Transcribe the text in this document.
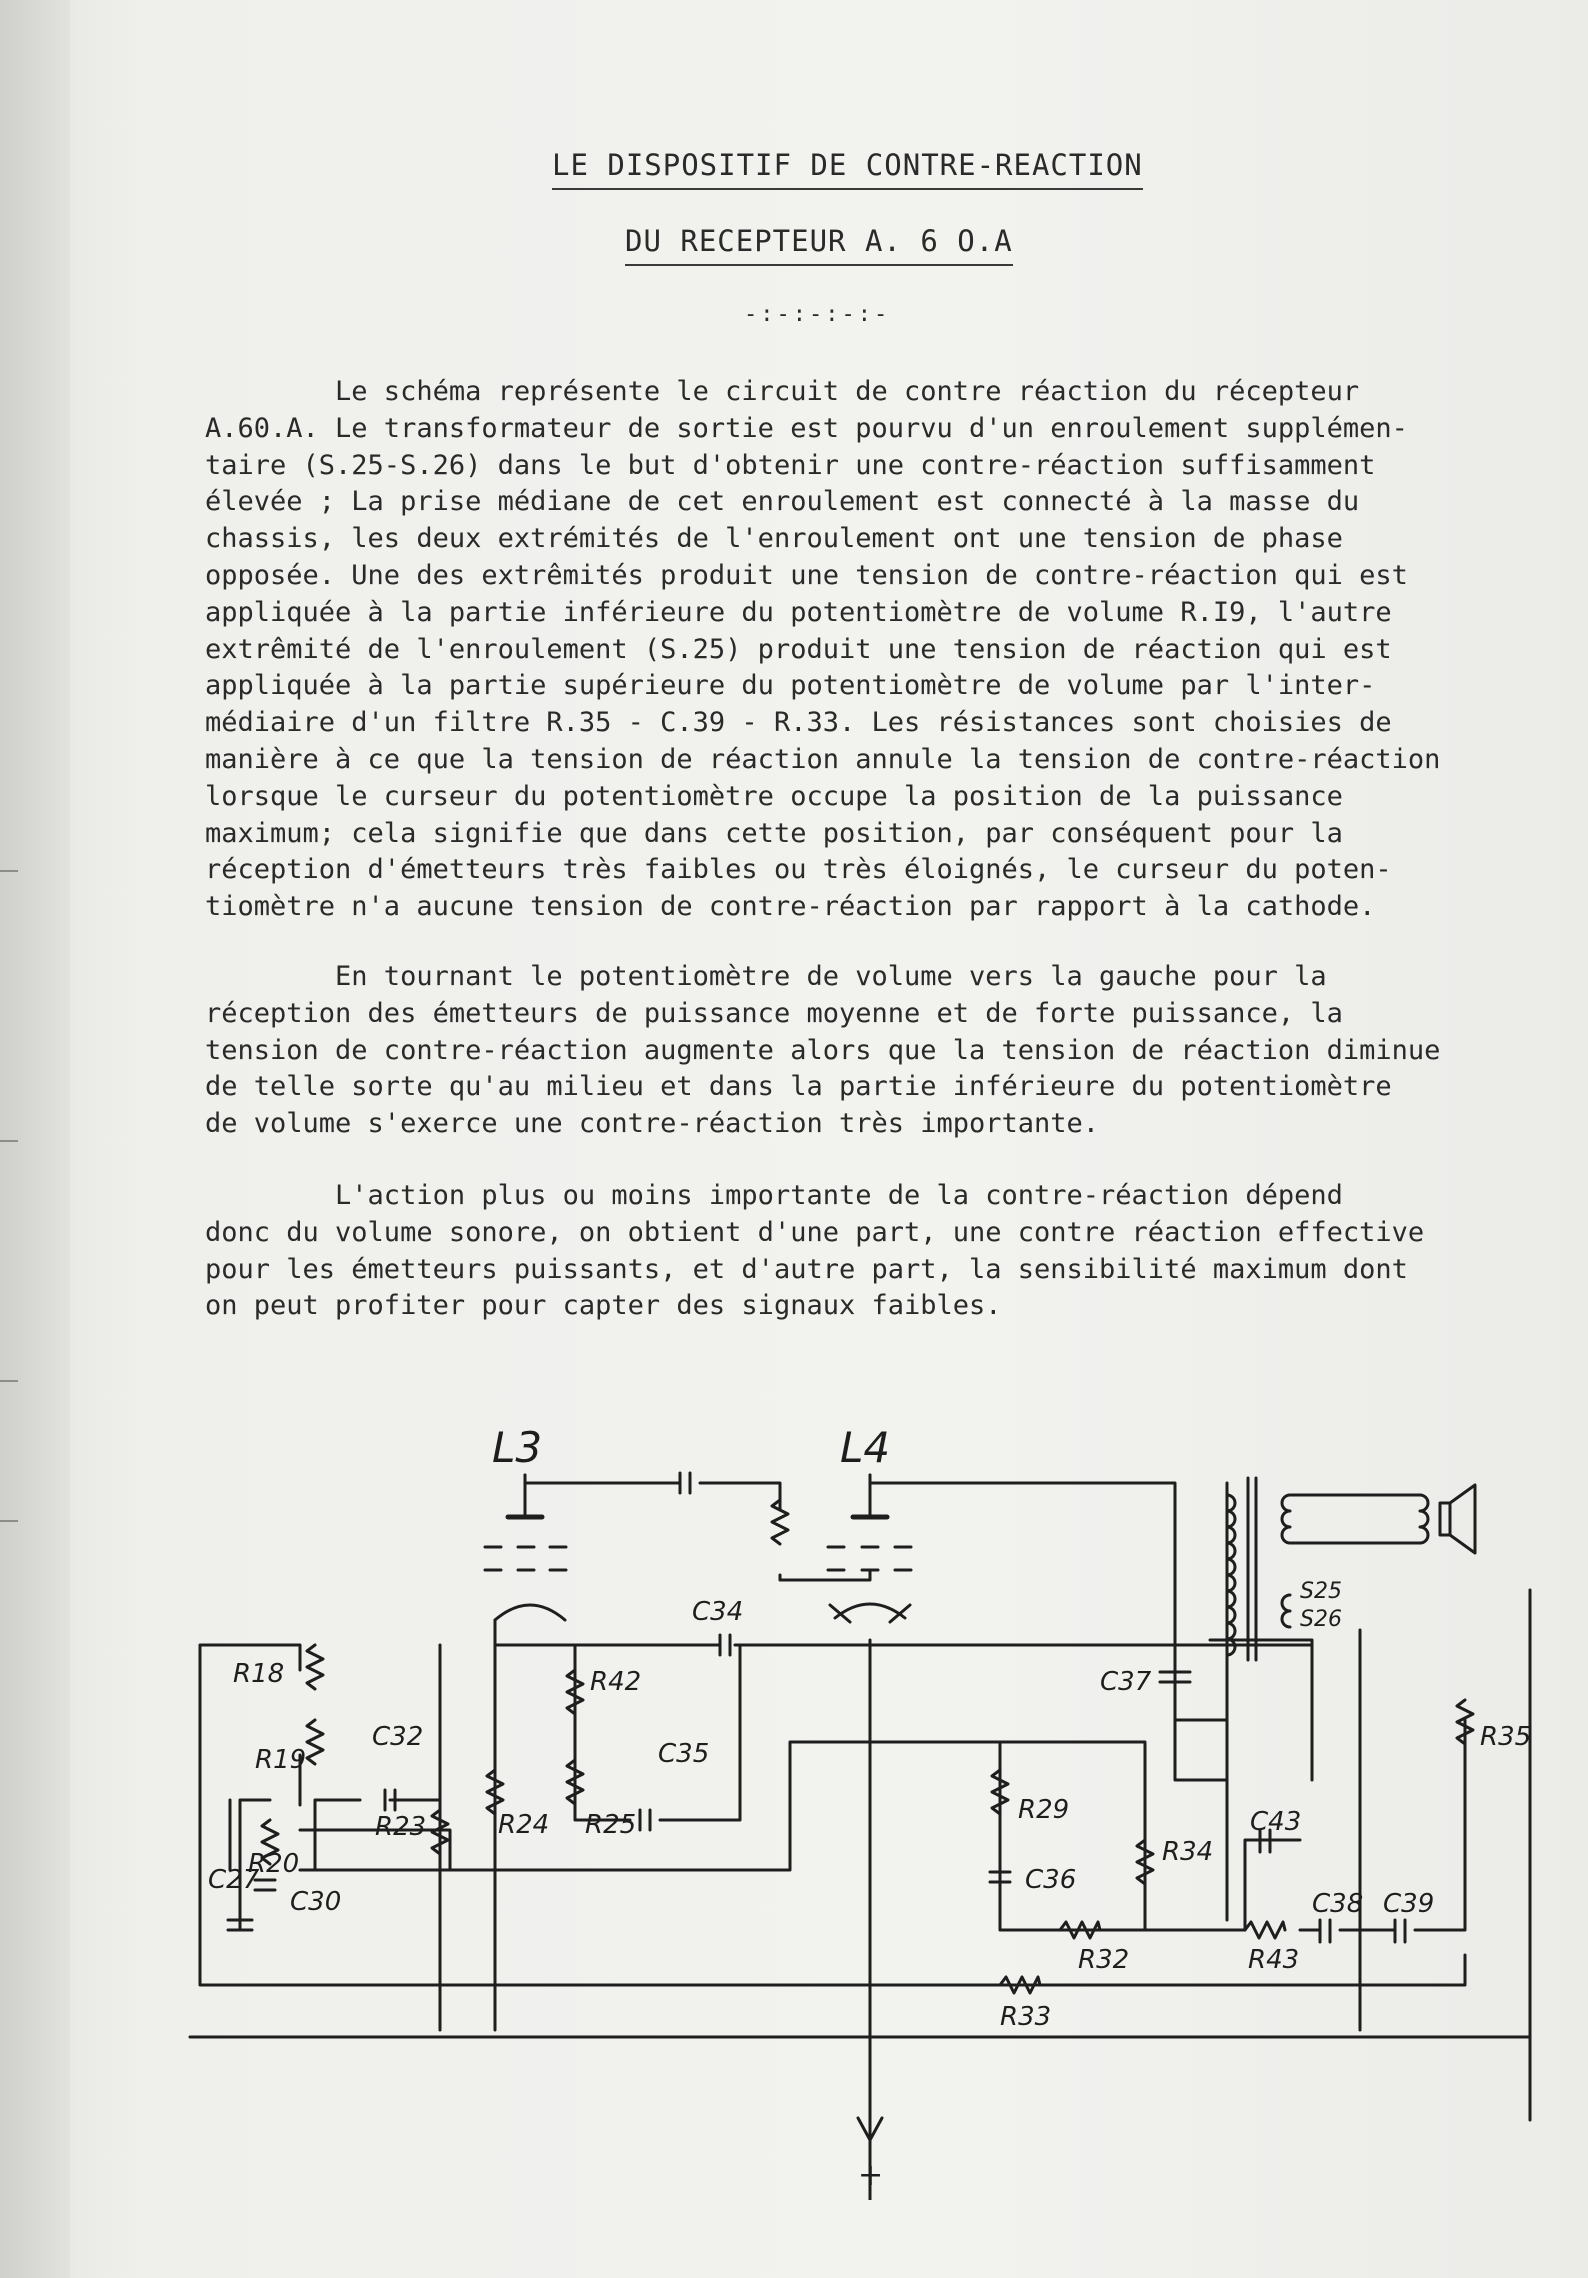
LE DISPOSITIF DE CONTRE-REACTION
DU RECEPTEUR A. 6 O.A
-:-:-:-:-
Le schéma représente le circuit de contre réaction du récepteur
A.60.A. Le transformateur de sortie est pourvu d'un enroulement supplémen-
taire (S.25-S.26) dans le but d'obtenir une contre-réaction suffisamment
élevée ; La prise médiane de cet enroulement est connecté à la masse du
chassis, les deux extrémités de l'enroulement ont une tension de phase
opposée. Une des extrêmités produit une tension de contre-réaction qui est
appliquée à la partie inférieure du potentiomètre de volume R.I9, l'autre
extrêmité de l'enroulement (S.25) produit une tension de réaction qui est
appliquée à la partie supérieure du potentiomètre de volume par l'inter-
médiaire d'un filtre R.35 - C.39 - R.33. Les résistances sont choisies de
manière à ce que la tension de réaction annule la tension de contre-réaction
lorsque le curseur du potentiomètre occupe la position de la puissance
maximum; cela signifie que dans cette position, par conséquent pour la
réception d'émetteurs très faibles ou très éloignés, le curseur du poten-
tiomètre n'a aucune tension de contre-réaction par rapport à la cathode.
En tournant le potentiomètre de volume vers la gauche pour la
réception des émetteurs de puissance moyenne et de forte puissance, la
tension de contre-réaction augmente alors que la tension de réaction diminue
de telle sorte qu'au milieu et dans la partie inférieure du potentiomètre
de volume s'exerce une contre-réaction très importante.
L'action plus ou moins importante de la contre-réaction dépend
donc du volume sonore, on obtient d'une part, une contre réaction effective
pour les émetteurs puissants, et d'autre part, la sensibilité maximum dont
on peut profiter pour capter des signaux faibles.
L3	L4
S25
S26
R18
R19
R20
R23	R24 R25
R42
R29
R34
R35
R32	R43
R33
C32
C34
C35
C36
C37
C43
C38 C39
C30
C27
+
